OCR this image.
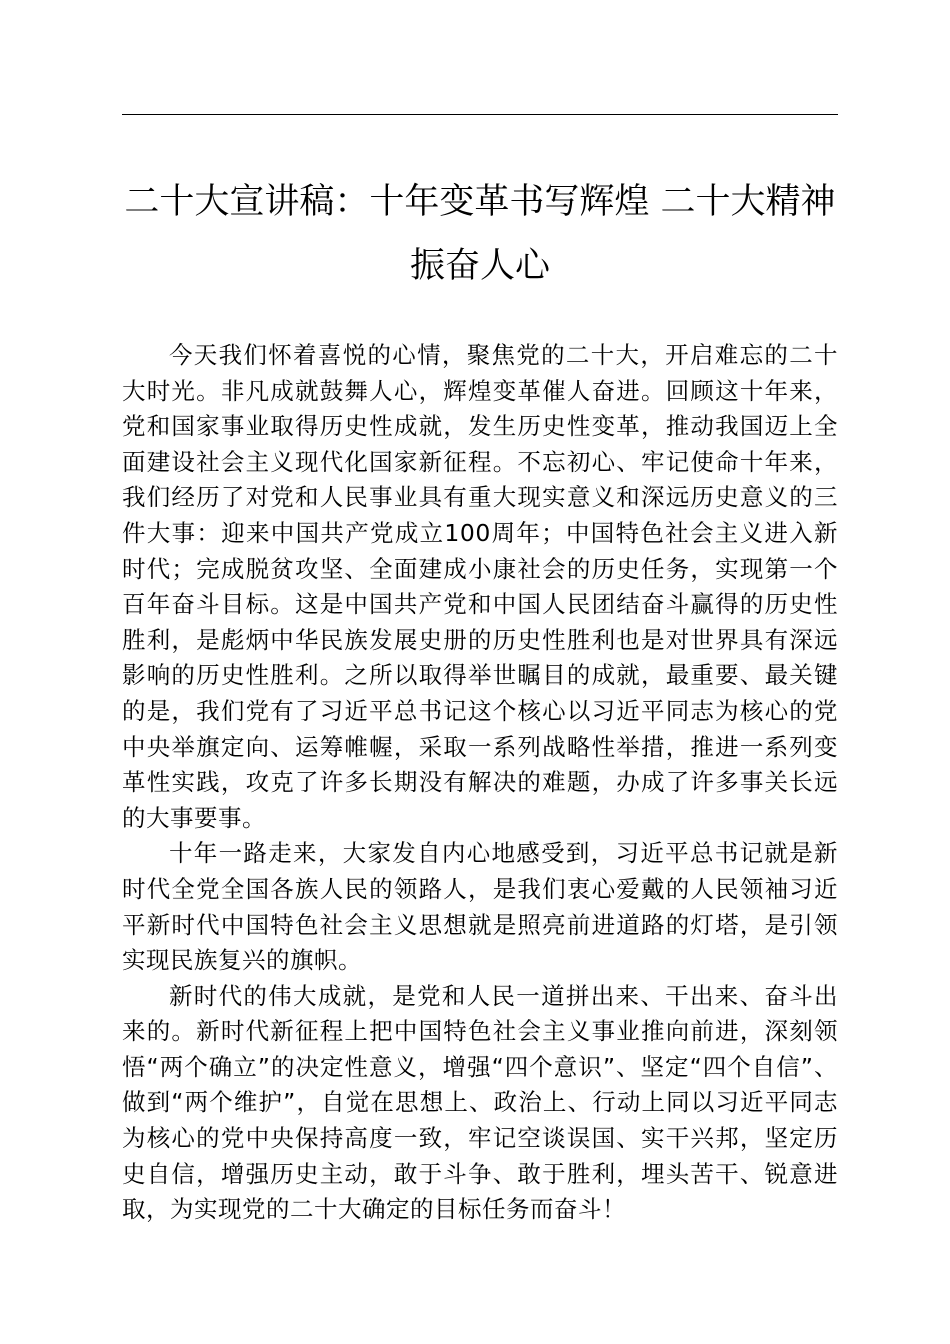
二十大宣讲稿：十年变革书写辉煌 二十大精神
振奋人心

今天我们怀着喜悦的心情，聚焦党的二十大，开启难忘的二十大时光。非凡成就鼓舞人心，辉煌变革催人奋进。回顾这十年来，党和国家事业取得历史性成就，发生历史性变革，推动我国迈上全面建设社会主义现代化国家新征程。不忘初心、牢记使命十年来，我们经历了对党和人民事业具有重大现实意义和深远历史意义的三件大事：迎来中国共产党成立100周年；中国特色社会主义进入新时代；完成脱贫攻坚、全面建成小康社会的历史任务，实现第一个百年奋斗目标。这是中国共产党和中国人民团结奋斗赢得的历史性胜利，是彪炳中华民族发展史册的历史性胜利也是对世界具有深远影响的历史性胜利。之所以取得举世瞩目的成就，最重要、最关键的是，我们党有了习近平总书记这个核心以习近平同志为核心的党中央举旗定向、运筹帷幄，采取一系列战略性举措，推进一系列变革性实践，攻克了许多长期没有解决的难题，办成了许多事关长远的大事要事。

十年一路走来，大家发自内心地感受到，习近平总书记就是新时代全党全国各族人民的领路人，是我们衷心爱戴的人民领袖习近平新时代中国特色社会主义思想就是照亮前进道路的灯塔，是引领实现民族复兴的旗帜。

新时代的伟大成就，是党和人民一道拼出来、干出来、奋斗出来的。新时代新征程上把中国特色社会主义事业推向前进，深刻领悟“两个确立”的决定性意义，增强“四个意识”、坚定“四个自信”、做到“两个维护”，自觉在思想上、政治上、行动上同以习近平同志为核心的党中央保持高度一致，牢记空谈误国、实干兴邦，坚定历史自信，增强历史主动，敢于斗争、敢于胜利，埋头苦干、锐意进取，为实现党的二十大确定的目标任务而奋斗！
